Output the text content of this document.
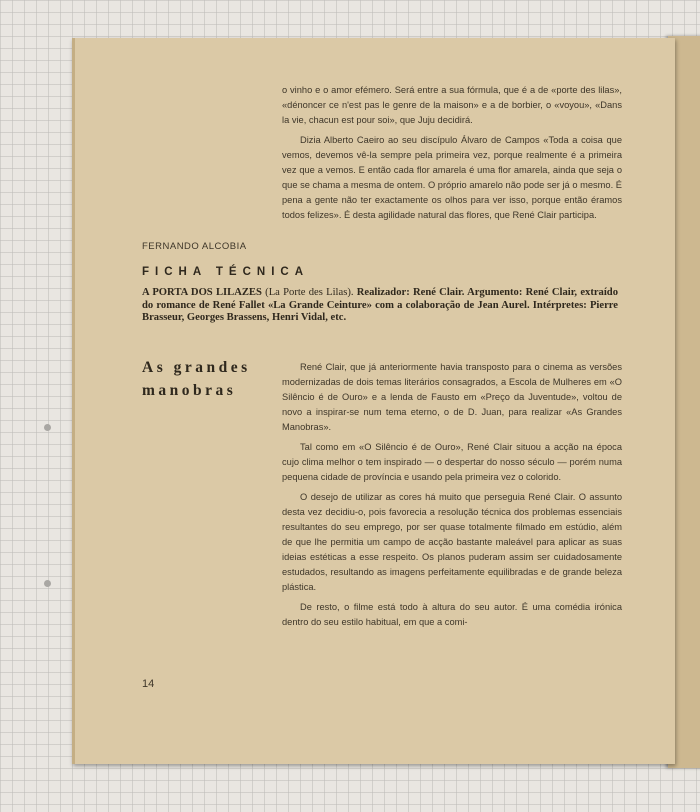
o vinho e o amor efémero. Será entre a sua fórmula, que é a de «porte des lilas», «dénoncer ce n'est pas le genre de la maison» e a de borbier, o «voyou», «Dans la vie, chacun est pour soi», que Juju decidirá.

Dizia Alberto Caeiro ao seu discípulo Álvaro de Campos «Toda a coisa que vemos, devemos vê-la sempre pela primeira vez, porque realmente é a primeira vez que a vemos. E então cada flor amarela é uma flor amarela, ainda que seja o que se chama a mesma de ontem. O próprio amarelo não pode ser já o mesmo. É pena a gente não ter exactamente os olhos para ver isso, porque então éramos todos felizes». É desta agilidade natural das flores, que René Clair participa.

FERNANDO ALCOBIA
FICHA TÉCNICA
A PORTA DOS LILAZES (La Porte des Lilas). Realizador: René Clair. Argumento: René Clair, extraído do romance de René Fallet «La Grande Ceinture» com a colaboração de Jean Aurel. Intérpretes: Pierre Brasseur, Georges Brassens, Henri Vidal, etc.
As grandes
manobras

René Clair, que já anteriormente havia transposto para o cinema as versões modernizadas de dois temas literários consagrados, a Escola de Mulheres em «O Silêncio é de Ouro» e a lenda de Fausto em «Preço da Juventude», voltou de novo a inspirar-se num tema eterno, o de D. Juan, para realizar «As Grandes Manobras».

Tal como em «O Silêncio é de Ouro», René Clair situou a acção na época cujo clima melhor o tem inspirado — o despertar do nosso século — porém numa pequena cidade de província e usando pela primeira vez o colorido.

O desejo de utilizar as cores há muito que perseguia René Clair. O assunto desta vez decidiu-o, pois favorecia a resolução técnica dos problemas essenciais resultantes do seu emprego, por ser quase totalmente filmado em estúdio, além de que lhe permitia um campo de acção bastante maleável para aplicar as suas ideias estéticas a esse respeito. Os planos puderam assim ser cuidadosamente estudados, resultando as imagens perfeitamente equilibradas e de grande beleza plástica.

De resto, o filme está todo à altura do seu autor. É uma comédia irónica dentro do seu estilo habitual, em que a comi-

14
